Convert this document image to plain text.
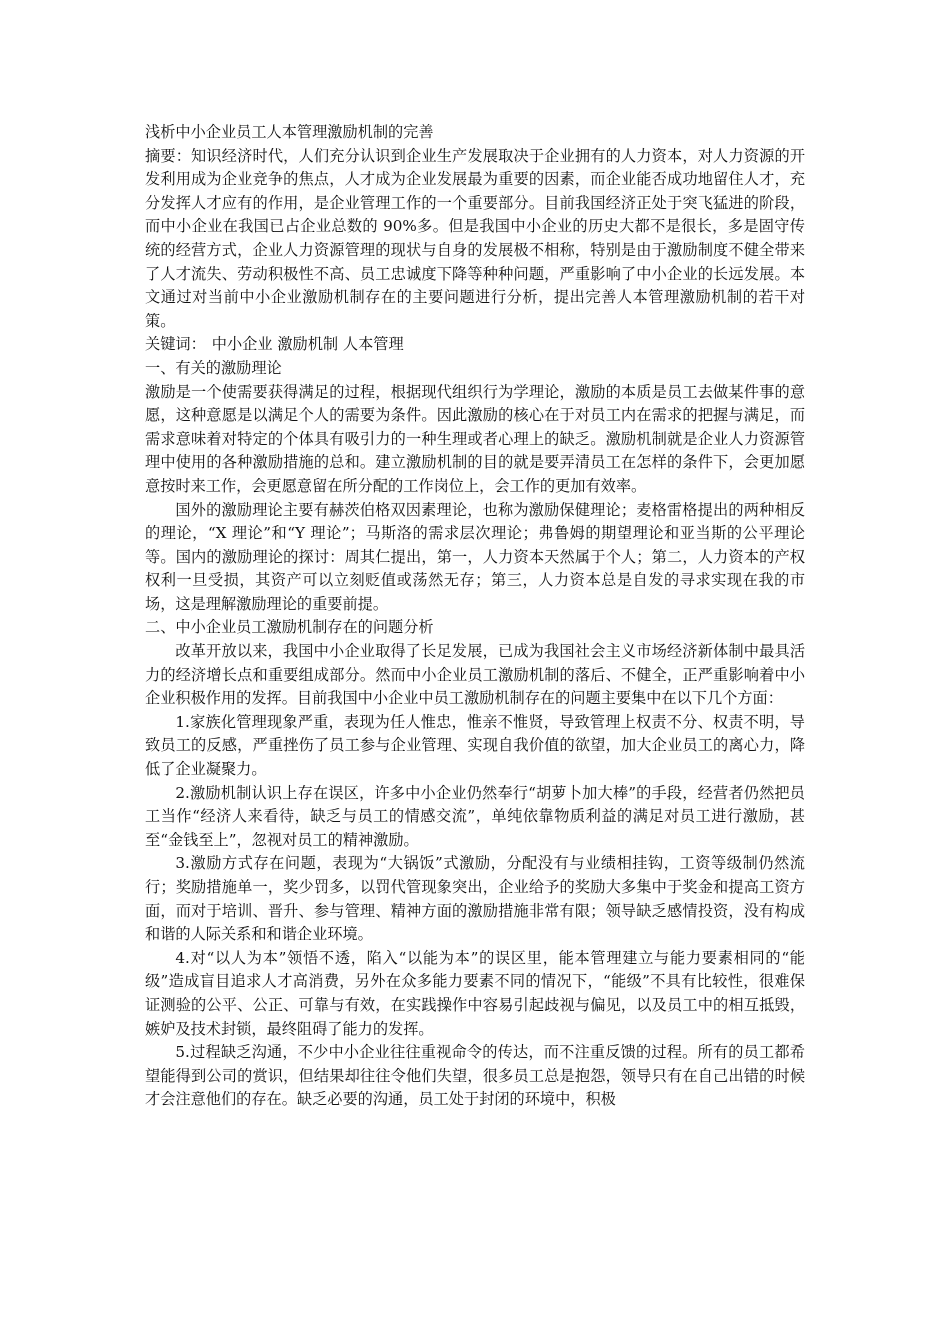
浅析中小企业员工人本管理激励机制的完善

摘要：知识经济时代，人们充分认识到企业生产发展取决于企业拥有的人力资本，对人力资源的开发利用成为企业竞争的焦点，人才成为企业发展最为重要的因素，而企业能否成功地留住人才，充分发挥人才应有的作用，是企业管理工作的一个重要部分。目前我国经济正处于突飞猛进的阶段，而中小企业在我国已占企业总数的 90%多。但是我国中小企业的历史大都不是很长，多是固守传统的经营方式，企业人力资源管理的现状与自身的发展极不相称，特别是由于激励制度不健全带来了人才流失、劳动积极性不高、员工忠诚度下降等种种问题，严重影响了中小企业的长远发展。本文通过对当前中小企业激励机制存在的主要问题进行分析，提出完善人本管理激励机制的若干对策。

关键词： 中小企业 激励机制 人本管理

一、有关的激励理论

激励是一个使需要获得满足的过程，根据现代组织行为学理论，激励的本质是员工去做某件事的意愿，这种意愿是以满足个人的需要为条件。因此激励的核心在于对员工内在需求的把握与满足，而需求意味着对特定的个体具有吸引力的一种生理或者心理上的缺乏。激励机制就是企业人力资源管理中使用的各种激励措施的总和。建立激励机制的目的就是要弄清员工在怎样的条件下，会更加愿意按时来工作，会更愿意留在所分配的工作岗位上，会工作的更加有效率。

国外的激励理论主要有赫茨伯格双因素理论，也称为激励保健理论；麦格雷格提出的两种相反的理论，“X 理论”和“Y 理论”；马斯洛的需求层次理论；弗鲁姆的期望理论和亚当斯的公平理论等。国内的激励理论的探讨：周其仁提出，第一，人力资本天然属于个人；第二，人力资本的产权权利一旦受损，其资产可以立刻贬值或荡然无存；第三，人力资本总是自发的寻求实现在我的市场，这是理解激励理论的重要前提。

二、中小企业员工激励机制存在的问题分析

改革开放以来，我国中小企业取得了长足发展，已成为我国社会主义市场经济新体制中最具活力的经济增长点和重要组成部分。然而中小企业员工激励机制的落后、不健全，正严重影响着中小企业积极作用的发挥。目前我国中小企业中员工激励机制存在的问题主要集中在以下几个方面：

1.家族化管理现象严重，表现为任人惟忠，惟亲不惟贤，导致管理上权责不分、权责不明，导致员工的反感，严重挫伤了员工参与企业管理、实现自我价值的欲望，加大企业员工的离心力，降低了企业凝聚力。

2.激励机制认识上存在误区，许多中小企业仍然奉行“胡萝卜加大棒”的手段，经营者仍然把员工当作“经济人来看待，缺乏与员工的情感交流”，单纯依靠物质利益的满足对员工进行激励，甚至“金钱至上”，忽视对员工的精神激励。

3.激励方式存在问题，表现为“大锅饭”式激励，分配没有与业绩相挂钩，工资等级制仍然流行；奖励措施单一，奖少罚多，以罚代管现象突出，企业给予的奖励大多集中于奖金和提高工资方面，而对于培训、晋升、参与管理、精神方面的激励措施非常有限；领导缺乏感情投资，没有构成和谐的人际关系和和谐企业环境。

4.对“以人为本”领悟不透，陷入“以能为本”的误区里，能本管理建立与能力要素相同的“能级”造成盲目追求人才高消费，另外在众多能力要素不同的情况下，“能级”不具有比较性，很难保证测验的公平、公正、可靠与有效，在实践操作中容易引起歧视与偏见，以及员工中的相互抵毁，嫉妒及技术封锁，最终阻碍了能力的发挥。

5.过程缺乏沟通，不少中小企业往往重视命令的传达，而不注重反馈的过程。所有的员工都希望能得到公司的赏识，但结果却往往令他们失望，很多员工总是抱怨，领导只有在自己出错的时候才会注意他们的存在。缺乏必要的沟通，员工处于封闭的环境中，积极
